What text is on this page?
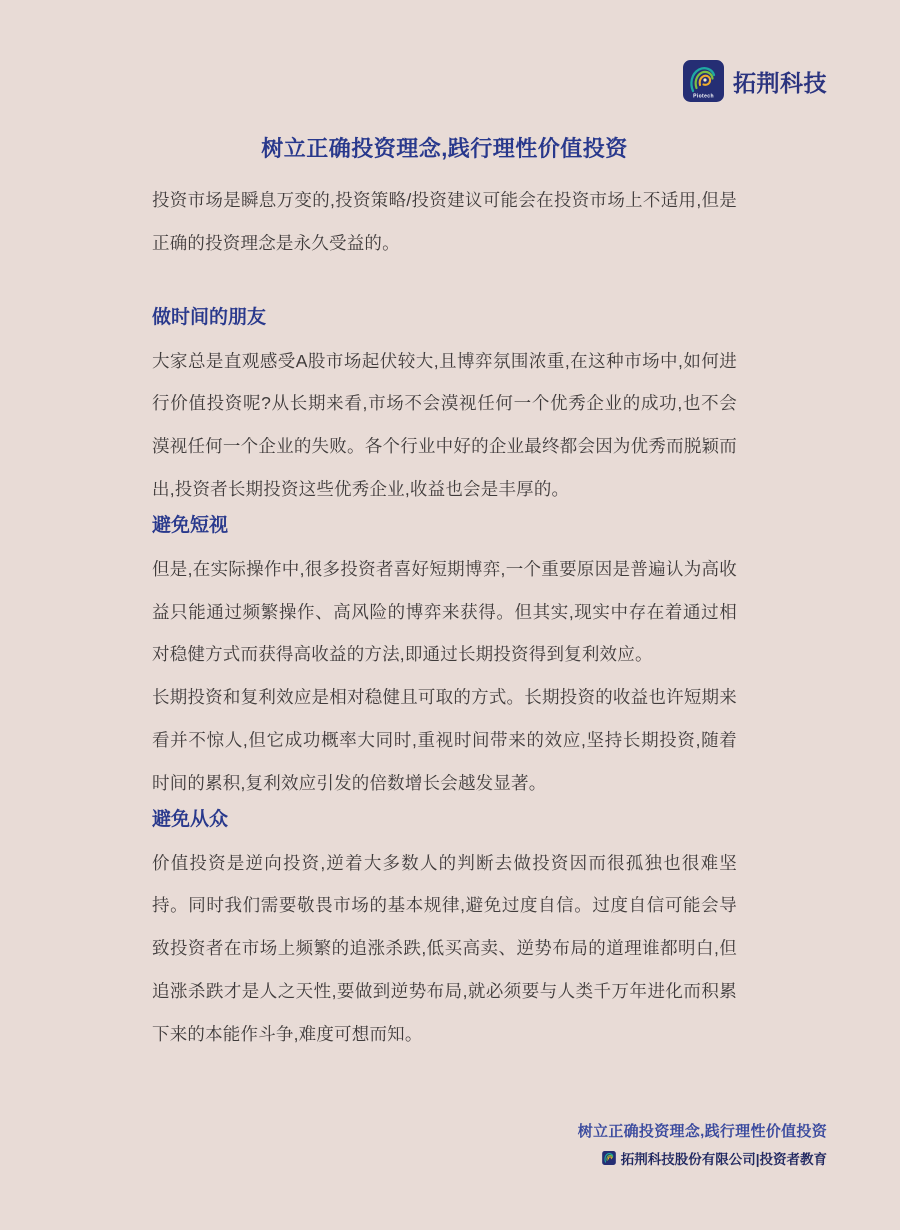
Piotech
拓荆科技
树立正确投资理念,践行理性价值投资

投资市场是瞬息万变的,投资策略/投资建议可能会在投资市场上不适用,但是正确的投资理念是永久受益的。

做时间的朋友

大家总是直观感受A股市场起伏较大,且博弈氛围浓重,在这种市场中,如何进行价值投资呢?从长期来看,市场不会漠视任何一个优秀企业的成功,也不会漠视任何一个企业的失败。各个行业中好的企业最终都会因为优秀而脱颖而出,投资者长期投资这些优秀企业,收益也会是丰厚的。

避免短视

但是,在实际操作中,很多投资者喜好短期博弈,一个重要原因是普遍认为高收益只能通过频繁操作、高风险的博弈来获得。但其实,现实中存在着通过相对稳健方式而获得高收益的方法,即通过长期投资得到复利效应。

长期投资和复利效应是相对稳健且可取的方式。长期投资的收益也许短期来看并不惊人,但它成功概率大同时,重视时间带来的效应,坚持长期投资,随着时间的累积,复利效应引发的倍数增长会越发显著。

避免从众

价值投资是逆向投资,逆着大多数人的判断去做投资因而很孤独也很难坚持。同时我们需要敬畏市场的基本规律,避免过度自信。过度自信可能会导致投资者在市场上频繁的追涨杀跌,低买高卖、逆势布局的道理谁都明白,但追涨杀跌才是人之天性,要做到逆势布局,就必须要与人类千万年进化而积累下来的本能作斗争,难度可想而知。

树立正确投资理念,践行理性价值投资
拓荆科技股份有限公司|投资者教育
